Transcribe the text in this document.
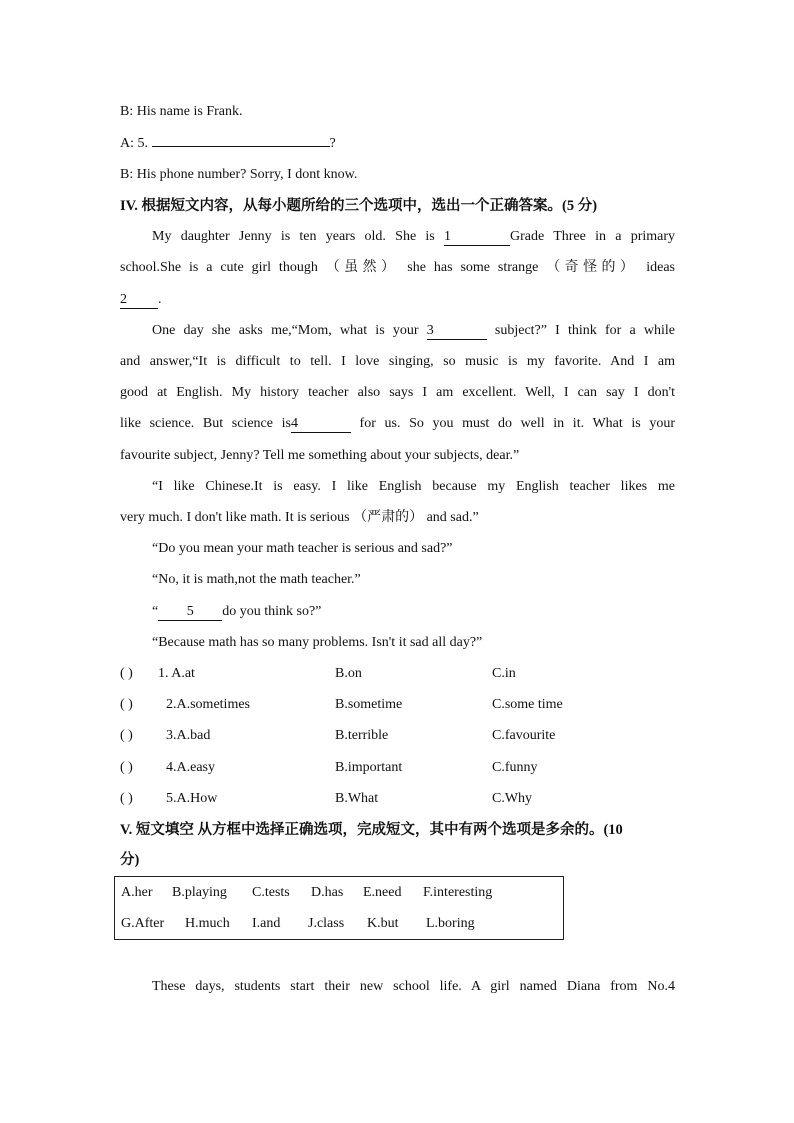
B: His name is Frank.
A: 5.	?
B: His phone number? Sorry, I dont know.
IV. 根据短文内容，从每小题所给的三个选项中，选出一个正确答案。(5 分)
My daughter Jenny is ten years old. She is 1	Grade Three in a primary
school.She is a cute girl though （虽然） she has some strange （奇怪的） ideas
2 .
One day she asks me,“Mom, what is your 3	subject?” I think for a while
and answer,“It is difficult to tell. I love singing, so music is my favorite. And I am
good at English. My history teacher also says I am excellent. Well, I can say I don't
like science. But science is4	for us. So you must do well in it. What is your
favourite subject, Jenny? Tell me something about your subjects, dear.”
“I like Chinese.It is easy. I like English because my English teacher likes me
very much. I don't like math. It is serious （严肃的） and sad.”
“Do you mean your math teacher is serious and sad?”
“No, it is math,not the math teacher.”
“ 5 do you think so?”
“Because math has so many problems. Isn't it sad all day?”
( ) 1. A.at	B.on	C.in
( ) 2.A.sometimes	B.sometime	C.some time
( ) 3.A.bad	B.terrible	C.favourite
( ) 4.A.easy	B.important	C.funny
( ) 5.A.How	B.What	C.Why
V. 短文填空 从方框中选择正确选项，完成短文，其中有两个选项是多余的。(10
分)
A.her B.playing C.tests D.has E.need F.interesting
G.After H.much I.and J.class K.but L.boring
These days, students start their new school life. A girl named Diana from No.4
